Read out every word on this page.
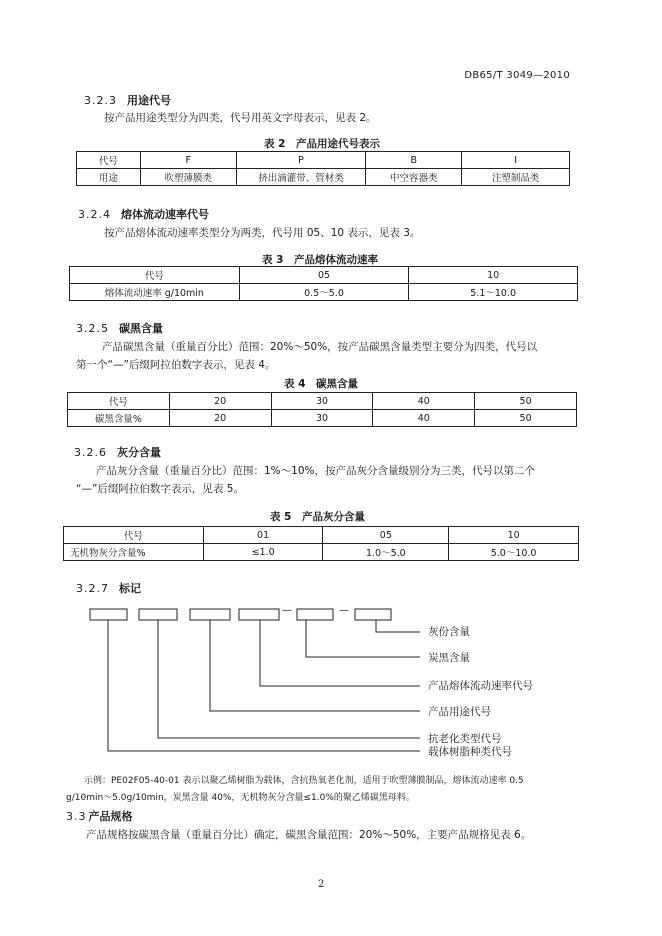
DB65/T 3049—2010
3.2.3 用途代号
按产品用途类型分为四类，代号用英文字母表示，见表 2。
表 2　产品用途代号表示
代号	F	P	B	I
用途	吹塑薄膜类	挤出滴灌带、管材类	中空容器类	注塑制品类
3.2.4 熔体流动速率代号
按产品熔体流动速率类型分为两类，代号用 05、10 表示，见表 3。
表 3　产品熔体流动速率
代号	05	10
熔体流动速率 g/10min	0.5～5.0	5.1～10.0
3.2.5 碳黑含量
产品碳黑含量（重量百分比）范围：20%～50%，按产品碳黑含量类型主要分为四类，代号以
第一个“—”后缀阿拉伯数字表示，见表 4。
表 4　碳黑含量
代号	20	30	40	50
碳黑含量%	20	30	40	50
3.2.6 灰分含量
产品灰分含量（重量百分比）范围：1%～10%，按产品灰分含量级别分为三类，代号以第二个
“—”后缀阿拉伯数字表示，见表 5。
表 5　产品灰分含量
代号	01	05	10
无机物灰分含量%	≤1.0	1.0～5.0	5.0～10.0
3.2.7 标记
—	—
灰份含量
炭黑含量
产品熔体流动速率代号
产品用途代号
抗老化类型代号
载体树脂种类代号
示例：PE02F05-40-01 表示以聚乙烯树脂为载体，含抗热氧老化剂，适用于吹塑薄膜制品，熔体流动速率 0.5
g/10min～5.0g/10min，炭黑含量 40%，无机物灰分含量≤1.0%的聚乙烯碳黑母料。
3.3 产品规格
产品规格按碳黑含量（重量百分比）确定，碳黑含量范围：20%～50%，主要产品规格见表 6。
2
